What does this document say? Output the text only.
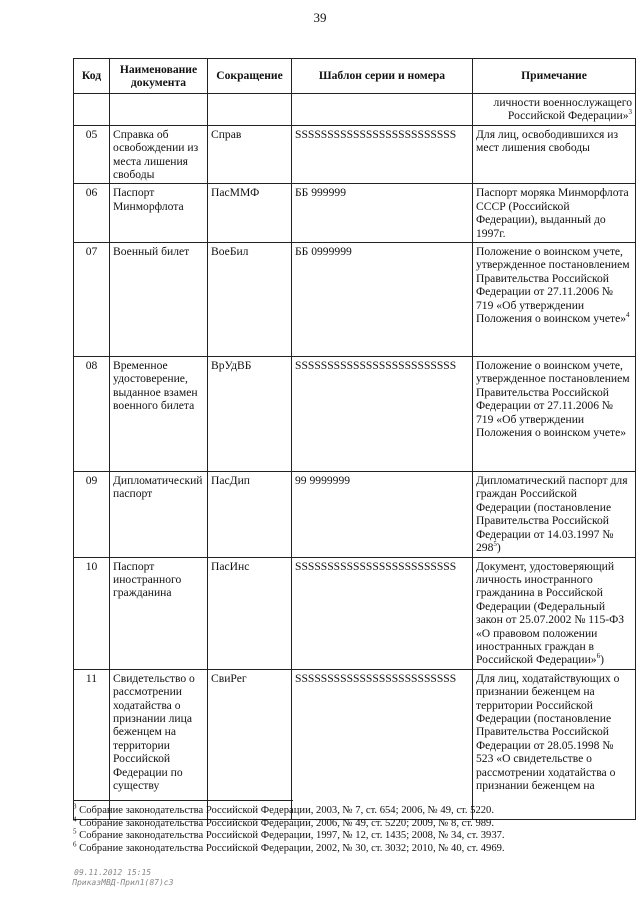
39
Код	Наименование документа	Сокращение	Шаблон серии и номера	Примечание
				личности военнослужащего Российской Федерации»$^3$
05	Справка об освобождении из места лишения свободы	Справ	SSSSSSSSSSSSSSSSSSSSSSSSS	Для лиц, освободившихся из мест лишения свободы
06	Паспорт Минморфлота	ПасММФ	ББ 999999	Паспорт моряка Минморфлота СССР (Российской Федерации), выданный до 1997г.
07	Военный билет	ВоеБил	ББ 0999999	Положение о воинском учете, утвержденное постановлением Правительства Российской Федерации от 27.11.2006 № 719 «Об утверждении Положения о воинском учете»$^4$
08	Временное удостоверение, выданное взамен военного билета	ВрУдВБ	SSSSSSSSSSSSSSSSSSSSSSSSS	Положение о воинском учете, утвержденное постановлением Правительства Российской Федерации от 27.11.2006 № 719 «Об утверждении Положения о воинском учете»
09	Дипломатический паспорт	ПасДип	99 9999999	Дипломатический паспорт для граждан Российской Федерации (постановление Правительства Российской Федерации от 14.03.1997 № $298^5$)
10	Паспорт иностранного гражданина	ПасИнс	SSSSSSSSSSSSSSSSSSSSSSSSS	Документ, удостоверяющий личность иностранного гражданина в Российской Федерации (Федеральный закон от 25.07.2002 № 115-ФЗ «О правовом положении иностранных граждан в Российской Федерации»$^6$)
11	Свидетельство о рассмотрении ходатайства о признании лица беженцем на территории Российской Федерации по существу	СвиРег	SSSSSSSSSSSSSSSSSSSSSSSSS	Для лиц, ходатайствующих о признании беженцем на территории Российской Федерации (постановление Правительства Российской Федерации от 28.05.1998 № 523 «О свидетельстве о рассмотрении ходатайства о признании беженцем на
$^3$ Собрание законодательства Российской Федерации, 2003, № 7, ст. 654; 2006, № 49, ст. 5220.
$^4$ Собрание законодательства Российской Федерации, 2006, № 49, ст. 5220; 2009, № 8, ст. 989.
$^5$ Собрание законодательства Российской Федерации, 1997, № 12, ст. 1435; 2008, № 34, ст. 3937.
$^6$ Собрание законодательства Российской Федерации, 2002, № 30, ст. 3032; 2010, № 40, ст. 4969.
09.11.2012 15:15
ПриказМВД-Прил1(87)с3
